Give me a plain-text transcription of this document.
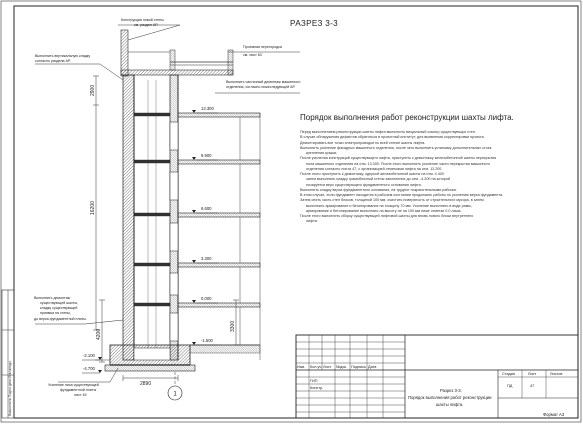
Взам.инв.№ Подп.и дата Инв.№подл.
РАЗРЕЗ 3-3
2900
16200
4200
3300
2890
13.300
9.900
6.600
3.300
0.000
-1.500
-2.100
-4.700
1
Изм. Кол.уч. Лист №док. Подпись Дата
ГИП
Констр.
Стадия	Лист	Листов
ПД	47
Разрез 3-3.
Порядок выполнения работ реконструкции
шахты лифта.
Порядок выполнения работ реконструкции шахты лифта.
Перед выполнением реконструкции шахты лифта выполнить визуальный осмотр существующих стен.
В случае обнаружения дефектов обратиться в проектный институт, для выявления корректировки проекта.
Демонтировать все точки электропроводки по всей стенке шахты лифта.
Выполнить усиление фасадных машинного отделения, после чего выполнить установку дополнительных стоек
крепления крыши.
После усиления конструкций существующего лифта, приступить к демонтажу железобетонной шахты перекрытия
пола машинного отделения на отм. 13.300. После этого выполнить усиление части перекрытия машинного
отделения согласно листа 47, с организацией отметками лифта на отм. 13.200.
После этого приступить к демонтажу, одеркой железобетонной шахты на отм. 4.400
затем выполнить кладку грамоблочной стены заполнение до отм. -4.200 на которой
позируется верх существующего фундаментного основания лифта.
Выполнить кладку верха фундаментного основания, на труднот покрасительными рабочих.
В этом случае, если фундамент находится в рабочем состоянии продолжить работы по усилению верха фундамента.
Затем снять часть стен блоков, толщиной 100 мм, очистить поверхность от строительного мусора, в затем
выполнить армирование и бетонирование на толщину 70 мм. Усиление выполнять в виде рамы,
армирование и бетонирование выполнять на высоту не на 100 мм ниже отметки 0.0 лишь.
После этого выполнить сборку существующей лифтовой шахты для вновь нового блоки внутреннего
лифта.
Конструкция новой стены
см. раздел АР.
Выполнить вертикальную кладку
согласно раздела АР.
Проемная перегородка
см. лист 63
Выполнить частичный демонтаж машинного
отделения, согласно нижеследующей АР.
Выполнить демонтаж
существующей шахты,
кладку существующей
приямка на стены,
до верха фундаментной плиты.
Усиление низа существующей
фундаментной плиты
лист 45
Формат А3
